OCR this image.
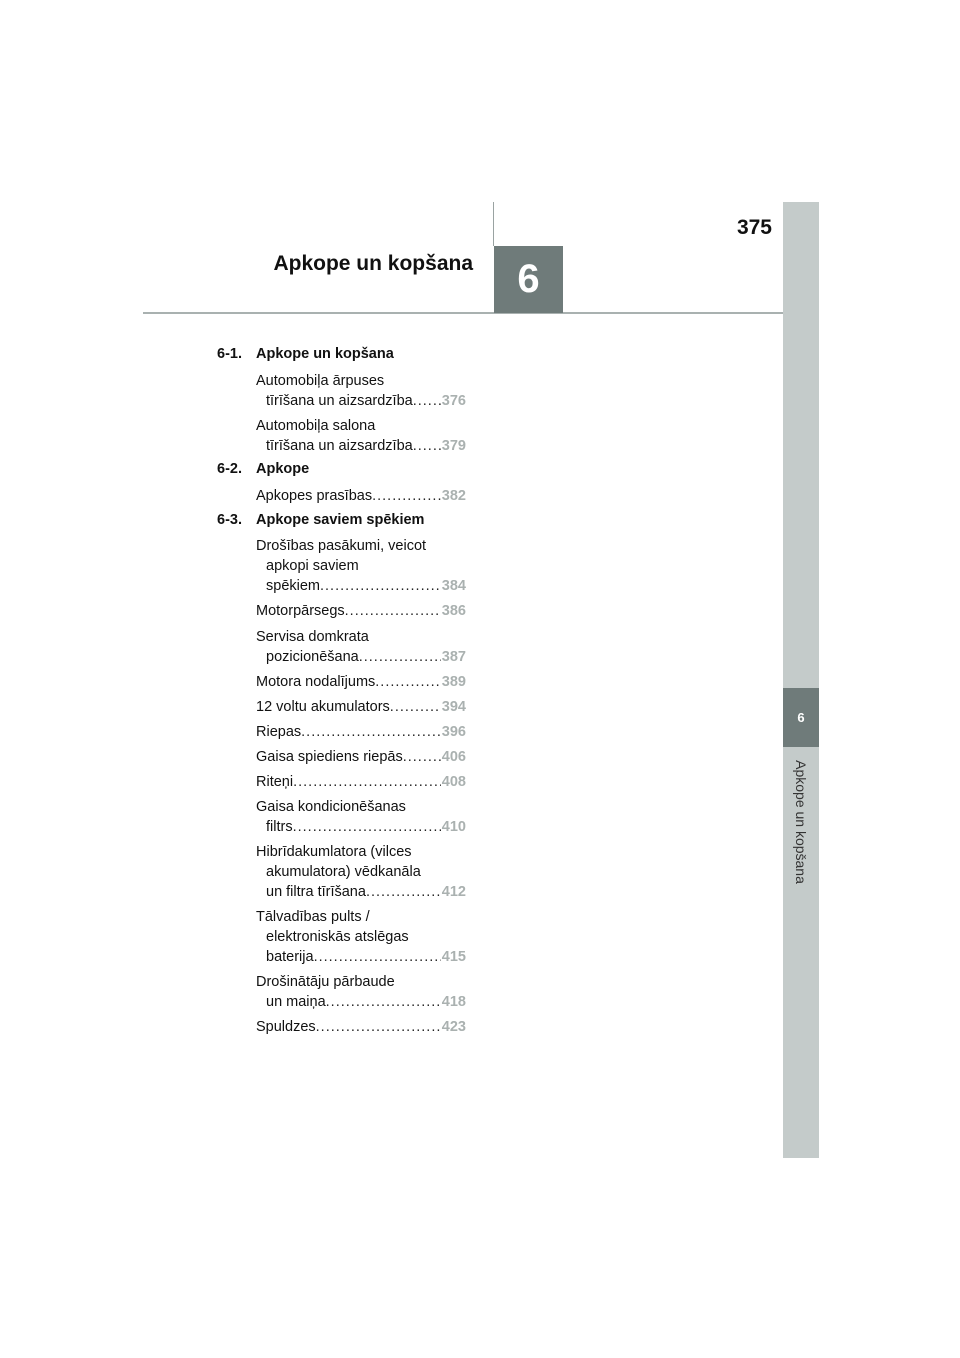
6
Apkope un kopšana
375
6
Apkope un kopšana
6-1. Apkope un kopšana
Automobiļa ārpuses
tīrīšana un aizsardzība ..... 376
Automobiļa salona
tīrīšana un aizsardzība ..... 379
6-2. Apkope
Apkopes prasības .....	382
6-3. Apkope saviem spēkiem
Drošības pasākumi, veicot
apkopi saviem
spēkiem .....	384
Motorpārsegs .....	386
Servisa domkrata
pozicionēšana .....	387
Motora nodalījums .....	389
12 voltu akumulators .....	394
Riepas .....	396
Gaisa spiediens riepās .....	406
Riteņi .....	408
Gaisa kondicionēšanas
filtrs .....	410
Hibrīdakumlatora (vilces
akumulatora) vēdkanāla
un filtra tīrīšana .....	412
Tālvadības pults /
elektroniskās atslēgas
baterija .....	415
Drošinātāju pārbaude
un maiņa .....	418
Spuldzes .....	423
